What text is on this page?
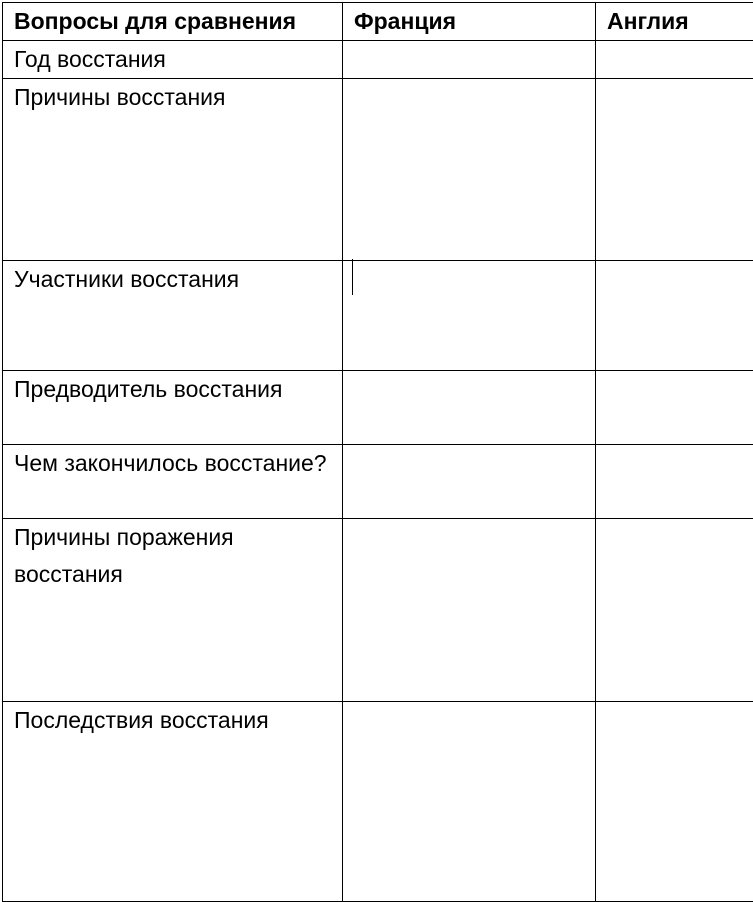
Вопросы для сравнения	Франция	Англия

Год восстания		

Причины восстания		

Участники восстания		

Предводитель восстания		

Чем закончилось восстание?		

Причины поражения восстания		

Последствия восстания		
